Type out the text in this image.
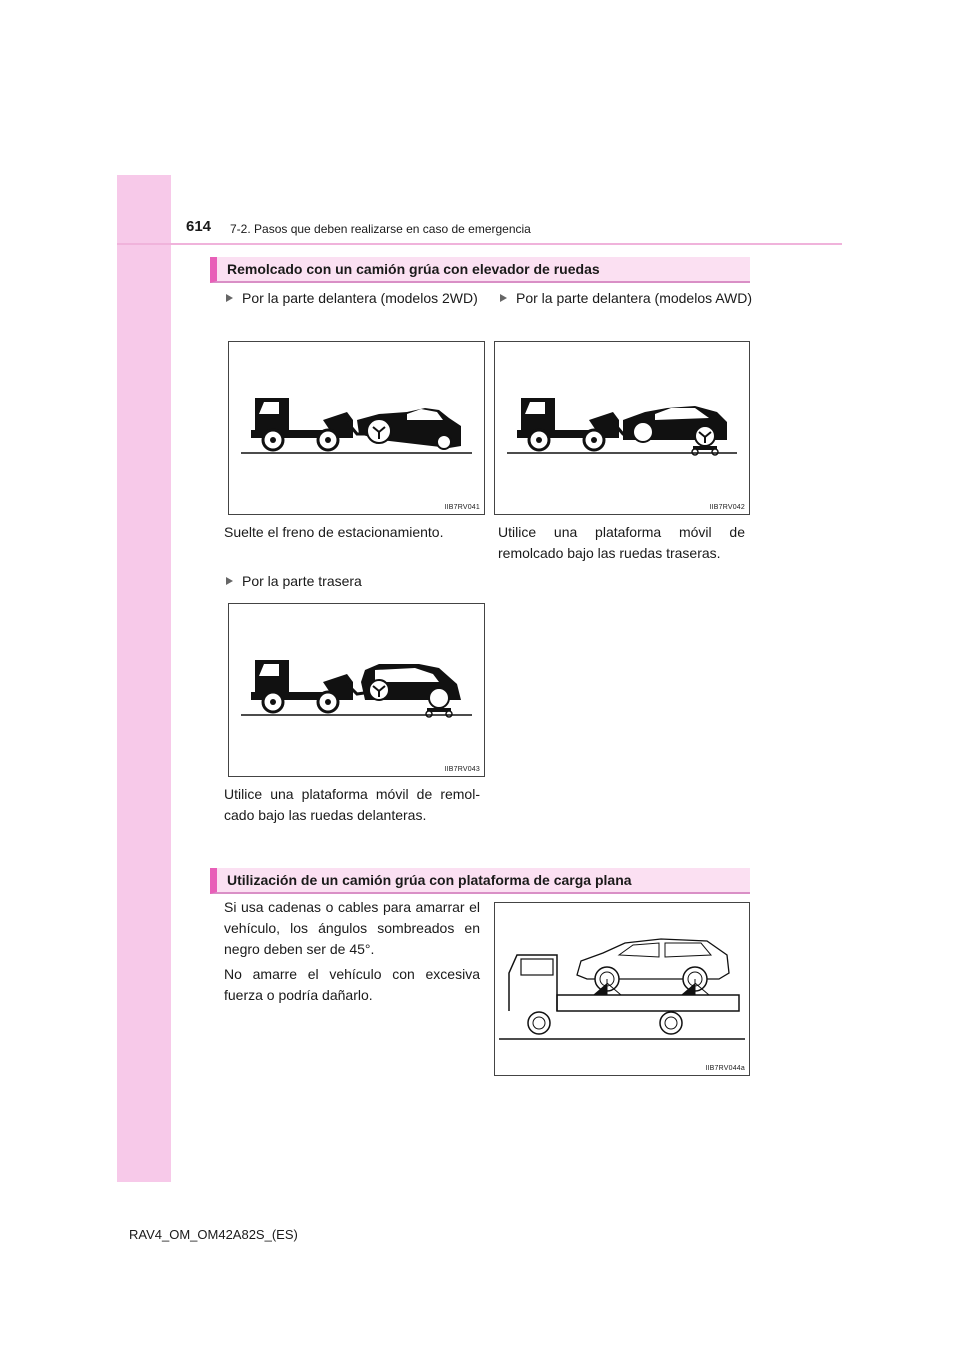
614 7-2. Pasos que deben realizarse en caso de emergencia
Remolcado con un camión grúa con elevador de ruedas
Por la parte delantera (modelos 2WD)	Por la parte delantera (modelos AWD)
IIB7RV041	IIB7RV042

Suelte el freno de estacionamiento.	Utilice una plataforma móvil de remolcado bajo las ruedas traseras.

Por la parte trasera
IIB7RV043

Utilice una plataforma móvil de remol-cado bajo las ruedas delanteras.

Utilización de un camión grúa con plataforma de carga plana

Si usa cadenas o cables para amarrar el vehículo, los ángulos sombreados en negro deben ser de 45°.

No amarre el vehículo con excesiva fuerza o podría dañarlo.

IIB7RV044a
RAV4_OM_OM42A82S_(ES)
